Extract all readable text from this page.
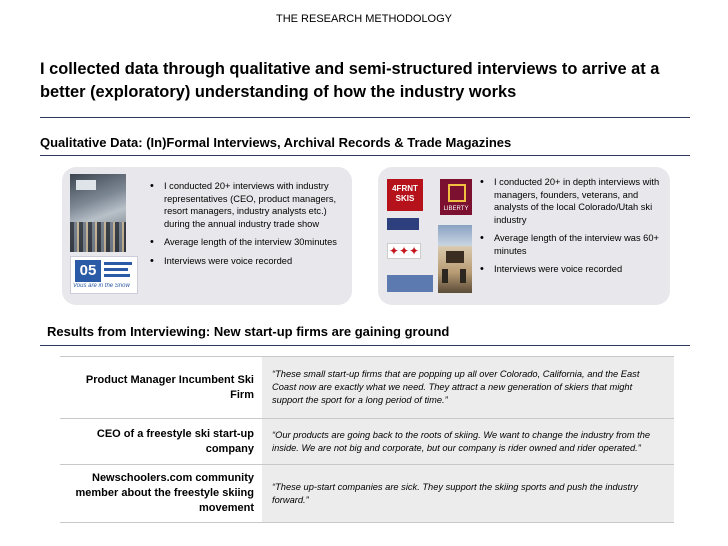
THE RESEARCH METHODOLOGY
I collected data through qualitative and semi-structured interviews to arrive at a better (exploratory) understanding of how the industry works
Qualitative Data: (In)Formal Interviews, Archival Records & Trade Magazines
05
Vous are in the Snow
• I conducted 20+ interviews with industry representatives (CEO, product managers, resort managers, industry analysts etc.) during the annual industry trade show
• Average length of the interview 30minutes
• Interviews were voice recorded
4FRNT SKIS
LIBERTY
✦✦✦
• I conducted 20+ in depth interviews with managers, founders, veterans, and analysts of the local Colorado/Utah ski industry
• Average length of the interview was 60+ minutes
• Interviews were voice recorded
Results from Interviewing: New start-up firms are gaining ground
Product Manager Incumbent Ski Firm	“These small start-up firms that are popping up all over Colorado, California, and the East Coast now are exactly what we need. They attract a new generation of skiers that might support the sport for a long period of time.”
CEO of a freestyle ski start-up company	“Our products are going back to the roots of skiing. We want to change the industry from the inside. We are not big and corporate, but our company is rider owned and rider operated.”
Newschoolers.com community member about the freestyle skiing movement	“These up-start companies are sick. They support the skiing sports and push the industry forward.”
